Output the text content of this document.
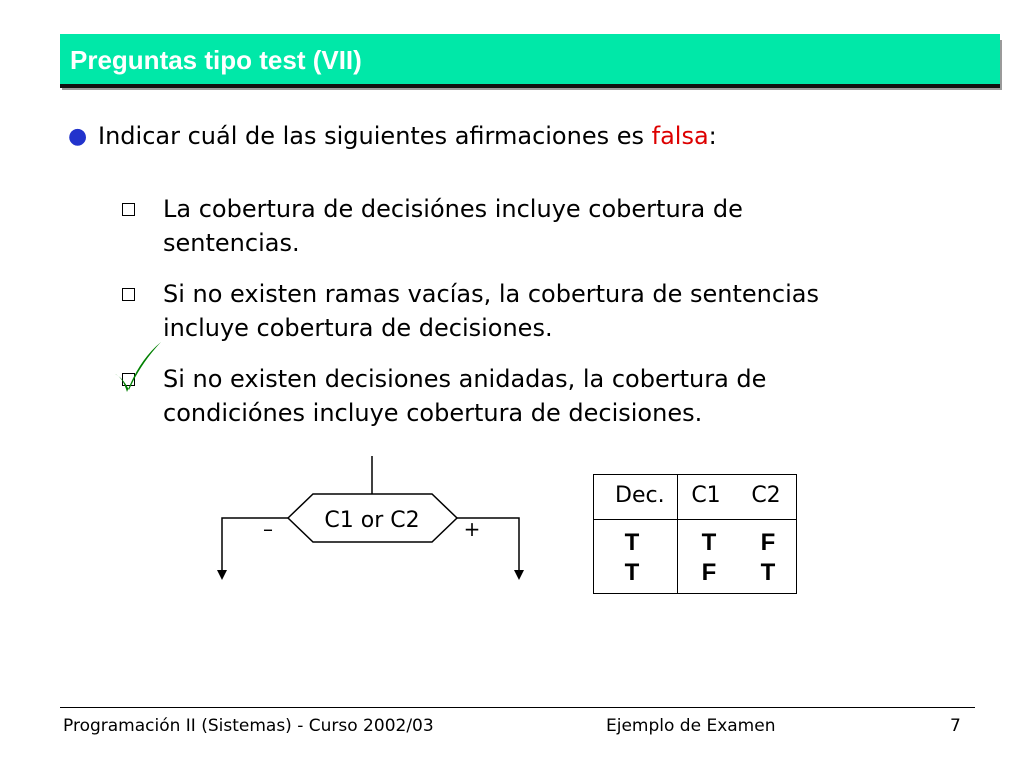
Preguntas tipo test (VII)
● Indicar cuál de las siguientes afirmaciones es falsa:
La cobertura de decisiónes incluye cobertura de
sentencias.
Si no existen ramas vacías, la cobertura de sentencias
incluye cobertura de decisiones.
Si no existen decisiones anidadas, la cobertura de
condiciónes incluye cobertura de decisiones.
C1 or C2
–	+
Dec. C1 C2
T	T	F
T	F	T
Programación II (Sistemas) - Curso 2002/03	Ejemplo de Examen	7
